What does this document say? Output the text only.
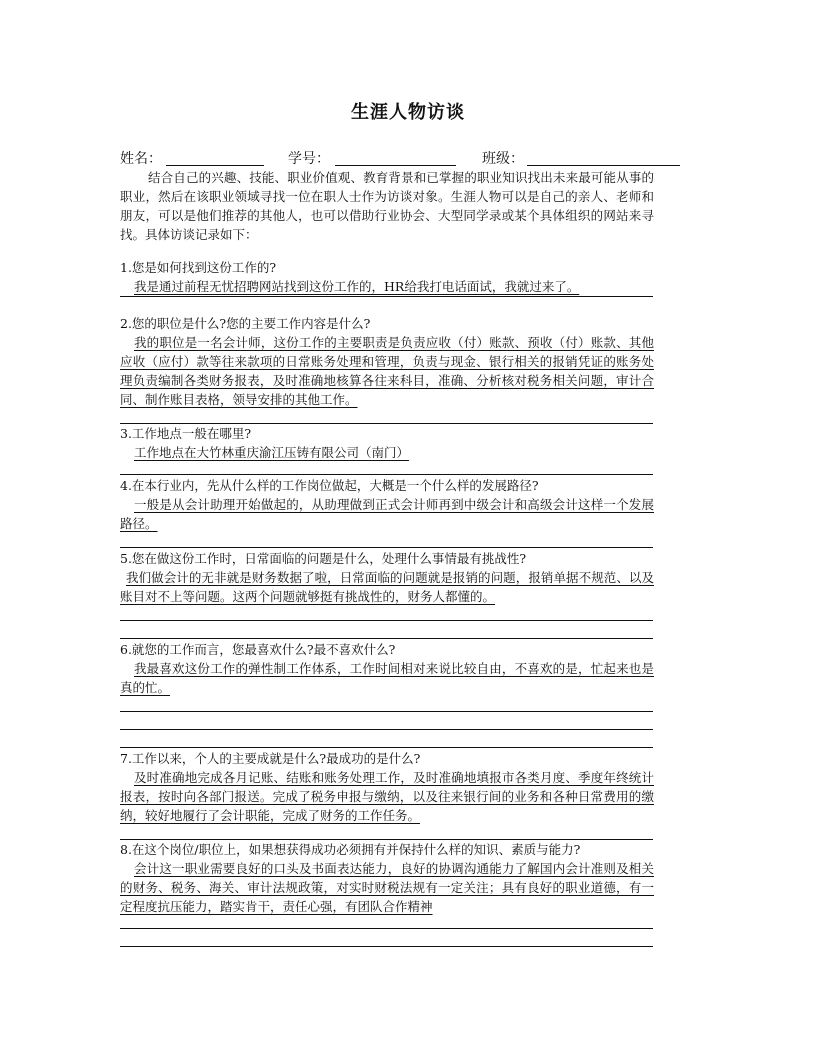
生涯人物访谈
姓名：	学号：	班级：
结合自己的兴趣、技能、职业价值观、教育背景和已掌握的职业知识找出未来最可能从事的职业，然后在该职业领域寻找一位在职人士作为访谈对象。生涯人物可以是自己的亲人、老师和朋友，可以是他们推荐的其他人，也可以借助行业协会、大型同学录或某个具体组织的网站来寻找。具体访谈记录如下：
1.您是如何找到这份工作的?
我是通过前程无忧招聘网站找到这份工作的，HR给我打电话面试，我就过来了。
2.您的职位是什么?您的主要工作内容是什么?
我的职位是一名会计师，这份工作的主要职责是负责应收（付）账款、预收（付）账款、其他应收（应付）款等往来款项的日常账务处理和管理，负责与现金、银行相关的报销凭证的账务处理负责编制各类财务报表，及时准确地核算各往来科目，准确、分析核对税务相关问题，审计合同、制作账目表格，领导安排的其他工作。
3.工作地点一般在哪里?
工作地点在大竹林重庆渝江压铸有限公司（南门）
4.在本行业内，先从什么样的工作岗位做起，大概是一个什么样的发展路径?
一般是从会计助理开始做起的，从助理做到正式会计师再到中级会计和高级会计这样一个发展路径。
5.您在做这份工作时，日常面临的问题是什么，处理什么事情最有挑战性?
我们做会计的无非就是财务数据了啦，日常面临的问题就是报销的问题，报销单据不规范、以及账目对不上等问题。这两个问题就够挺有挑战性的，财务人都懂的。
6.就您的工作而言，您最喜欢什么?最不喜欢什么?
我最喜欢这份工作的弹性制工作体系，工作时间相对来说比较自由，不喜欢的是，忙起来也是真的忙。
7.工作以来，个人的主要成就是什么?最成功的是什么?
及时准确地完成各月记账、结账和账务处理工作，及时准确地填报市各类月度、季度年终统计报表，按时向各部门报送。完成了税务申报与缴纳，以及往来银行间的业务和各种日常费用的缴纳，较好地履行了会计职能，完成了财务的工作任务。
8.在这个岗位/职位上，如果想获得成功必须拥有并保持什么样的知识、素质与能力?
会计这一职业需要良好的口头及书面表达能力，良好的协调沟通能力了解国内会计准则及相关的财务、税务、海关、审计法规政策，对实时财税法规有一定关注；具有良好的职业道德，有一定程度抗压能力，踏实肯干，责任心强，有团队合作精神
